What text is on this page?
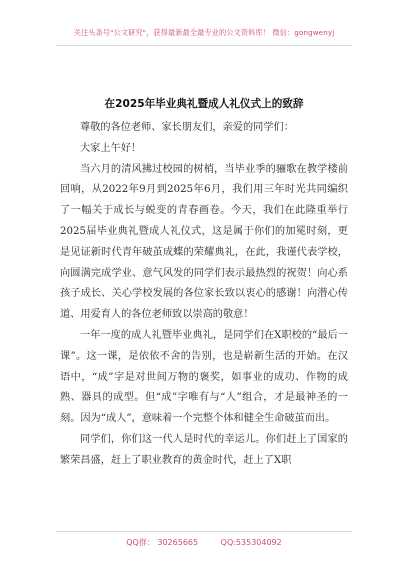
关注头条号"公文研究"，获得最新最全最专业的公文资料库！ 微信：gongwenyj
在2025年毕业典礼暨成人礼仪式上的致辞

尊敬的各位老师、家长朋友们，亲爱的同学们：

大家上午好！

当六月的清风拂过校园的树梢，当毕业季的骊歌在教学楼前回响，从2022年9月到2025年6月，我们用三年时光共同编织了一幅关于成长与蜕变的青春画卷。今天，我们在此隆重举行2025届毕业典礼暨成人礼仪式，这是属于你们的加冕时刻，更是见证新时代青年破茧成蝶的荣耀典礼，在此，我谨代表学校，向圆满完成学业、意气风发的同学们表示最热烈的祝贺！向心系孩子成长、关心学校发展的各位家长致以衷心的感谢！向潜心传道、用爱育人的各位老师致以崇高的敬意！

一年一度的成人礼暨毕业典礼，是同学们在X职校的“最后一课”。这一课，是依依不舍的告别，也是崭新生活的开始。在汉语中，“成”字是对世间万物的褒奖，如事业的成功、作物的成熟、器具的成型。但“成”字唯有与“人”组合，才是最神圣的一刻。因为“成人”，意味着一个完整个体和健全生命破茧而出。

同学们，你们这一代人是时代的幸运儿。你们赶上了国家的繁荣昌盛，赶上了职业教育的黄金时代，赶上了X职

QQ群： 30265665	QQ:535304092
